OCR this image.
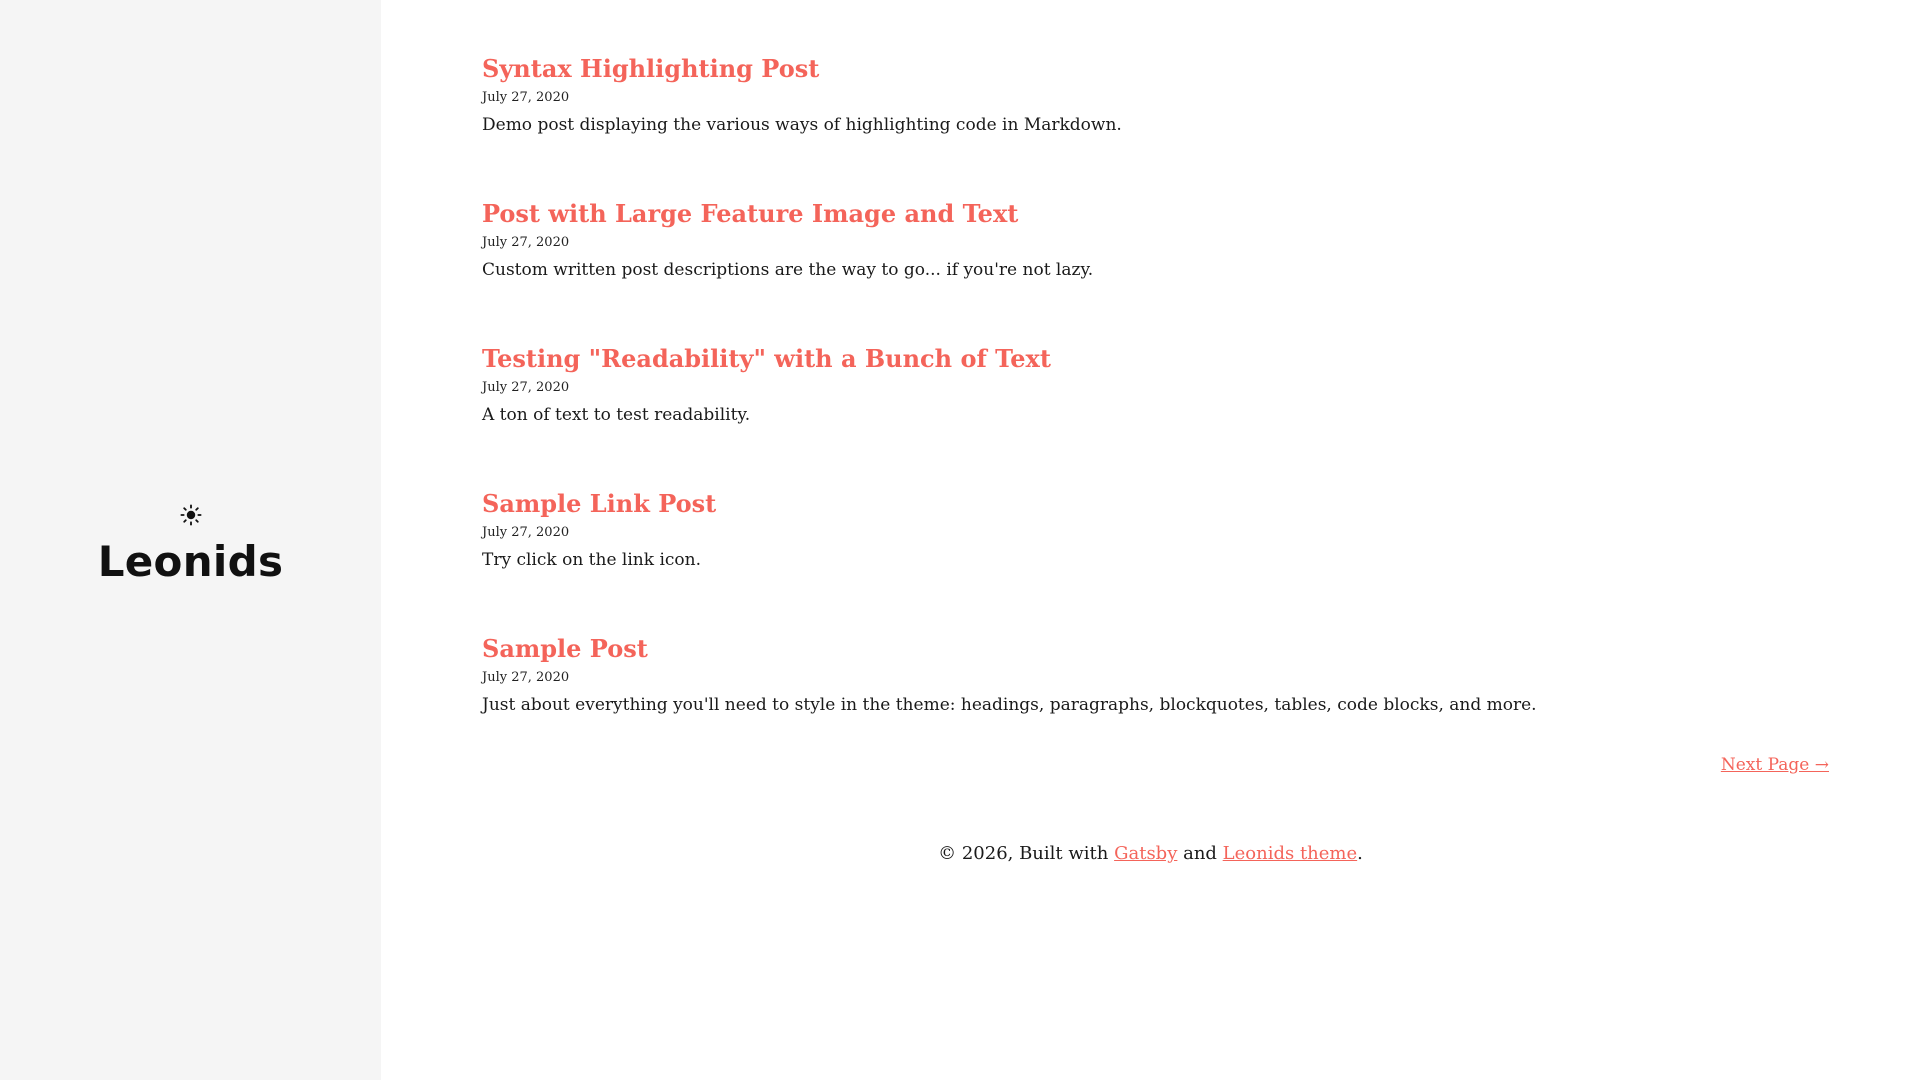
Leonids
Syntax Highlighting Post
July 27, 2020
Demo post displaying the various ways of highlighting code in Markdown.
Post with Large Feature Image and Text
July 27, 2020
Custom written post descriptions are the way to go... if you're not lazy.
Testing "Readability" with a Bunch of Text
July 27, 2020
A ton of text to test readability.
Sample Link Post
July 27, 2020
Try click on the link icon.
Sample Post
July 27, 2020
Just about everything you'll need to style in the theme: headings, paragraphs, blockquotes, tables, code blocks, and more.
Next Page →
© 2026, Built with Gatsby and Leonids theme.
